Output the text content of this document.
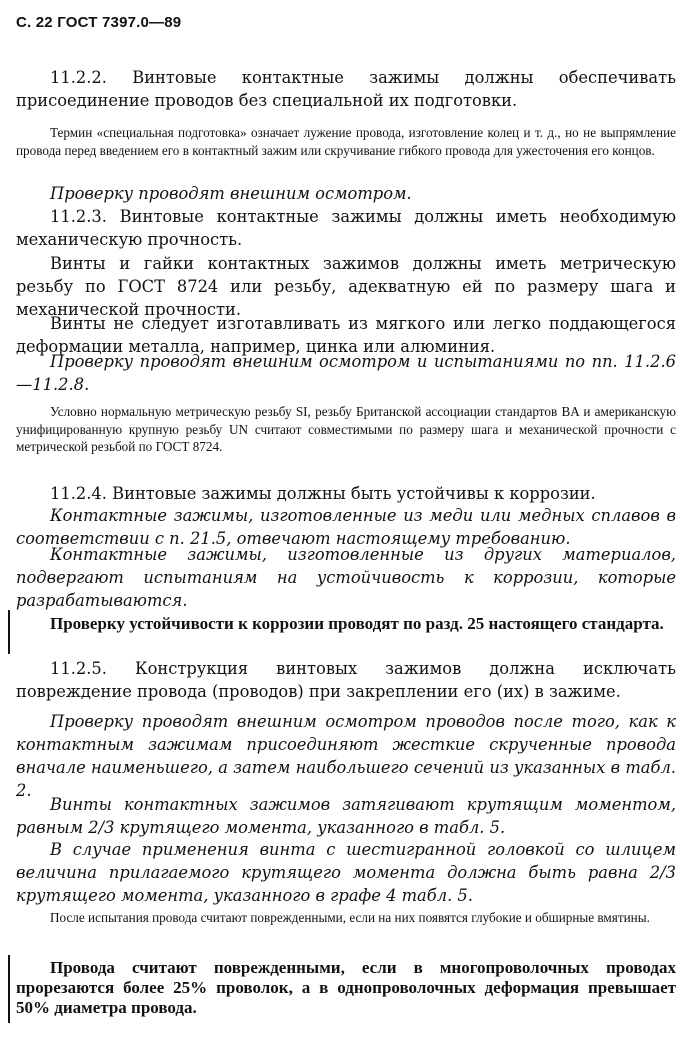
С. 22 ГОСТ 7397.0—89

11.2.2. Винтовые контактные зажимы должны обеспечивать присоединение проводов без специальной их подготовки.

Термин «специальная подготовка» означает лужение провода, изготовление колец и т. д., но не выпрямление провода перед введением его в контактный зажим или скручивание гибкого провода для ужесточения его концов.

Проверку проводят внешним осмотром.

11.2.3. Винтовые контактные зажимы должны иметь необходимую механическую прочность.

Винты и гайки контактных зажимов должны иметь метрическую резьбу по ГОСТ 8724 или резьбу, адекватную ей по размеру шага и механической прочности.

Винты не следует изготавливать из мягкого или легко поддающегося деформации металла, например, цинка или алюминия.

Проверку проводят внешним осмотром и испытаниями по пп. 11.2.6—11.2.8.

Условно нормальную метрическую резьбу SI, резьбу Британской ассоциации стандартов BA и американскую унифицированную крупную резьбу UN считают совместимыми по размеру шага и механической прочности с метрической резьбой по ГОСТ 8724.

11.2.4. Винтовые зажимы должны быть устойчивы к коррозии.

Контактные зажимы, изготовленные из меди или медных сплавов в соответствии с п. 21.5, отвечают настоящему требованию.

Контактные зажимы, изготовленные из других материалов, подвергают испытаниям на устойчивость к коррозии, которые разрабатываются.

Проверку устойчивости к коррозии проводят по разд. 25 настоящего стандарта.

11.2.5. Конструкция винтовых зажимов должна исключать повреждение провода (проводов) при закреплении его (их) в зажиме.

Проверку проводят внешним осмотром проводов после того, как к контактным зажимам присоединяют жесткие скрученные провода вначале наименьшего, а затем наибольшего сечений из указанных в табл. 2.

Винты контактных зажимов затягивают крутящим моментом, равным 2/3 крутящего момента, указанного в табл. 5.

В случае применения винта с шестигранной головкой со шлицем величина прилагаемого крутящего момента должна быть равна 2/3 крутящего момента, указанного в графе 4 табл. 5.

После испытания провода считают поврежденными, если на них появятся глубокие и обширные вмятины.

Провода считают поврежденными, если в многопроволочных проводах прорезаются более 25% проволок, а в однопроволочных деформация превышает 50% диаметра провода.
